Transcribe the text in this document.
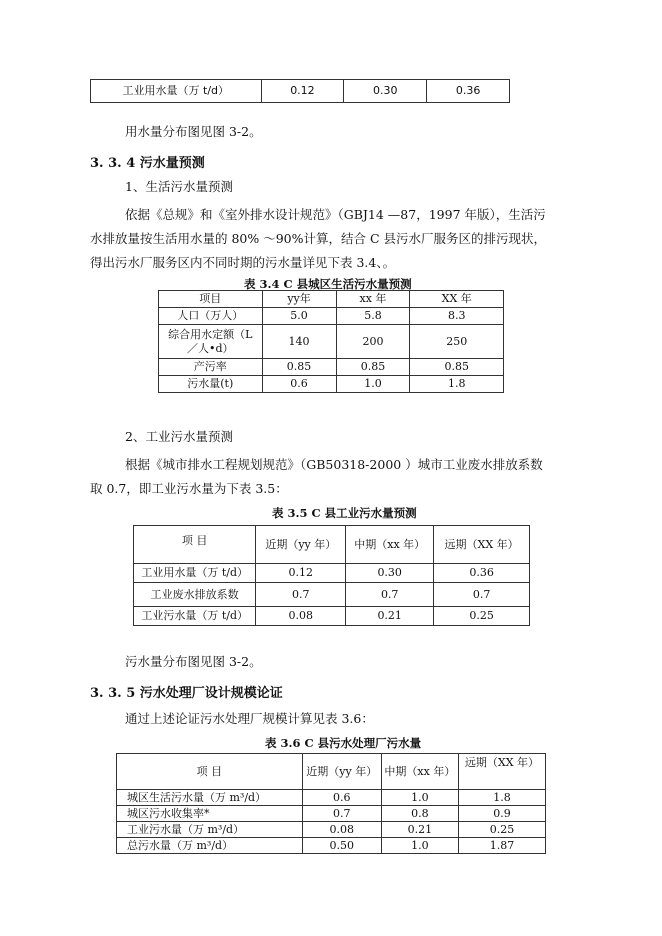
工业用水量（万 t/d）	0.12	0.30	0.36
用水量分布图见图 3-2。
3. 3. 4 污水量预测
1、生活污水量预测
依据《总规》和《室外排水设计规范》（GBJ14 —87，1997 年版），生活污
水排放量按生活用水量的 80% ～90%计算，结合 C 县污水厂服务区的排污现状，
得出污水厂服务区内不同时期的污水量详见下表 3.4、。
表 3.4 C 县城区生活污水量预测
项目	yy年	xx 年	XX 年
人口（万人）	5.0	5.8	8.3
综合用水定额（L／人•d）	140	200	250
产污率	0.85	0.85	0.85
污水量(t)	0.6	1.0	1.8
2、工业污水量预测
根据《城市排水工程规划规范》（GB50318-2000 ）城市工业废水排放系数
取 0.7，即工业污水量为下表 3.5：
表 3.5 C 县工业污水量预测
项 目	近期（yy 年）	中期（xx 年）	远期（XX 年）
工业用水量（万 t/d）	0.12	0.30	0.36
工业废水排放系数	0.7	0.7	0.7
工业污水量（万 t/d）	0.08	0.21	0.25
污水量分布图见图 3-2。
3. 3. 5 污水处理厂设计规模论证
通过上述论证污水处理厂规模计算见表 3.6：
表 3.6 C 县污水处理厂污水量
项 目	近期（yy 年）	中期（xx 年）	远期（XX 年）
城区生活污水量（万 m³/d）	0.6	1.0	1.8
城区污水收集率*	0.7	0.8	0.9
工业污水量（万 m³/d）	0.08	0.21	0.25
总污水量（万 m³/d）	0.50	1.0	1.87
